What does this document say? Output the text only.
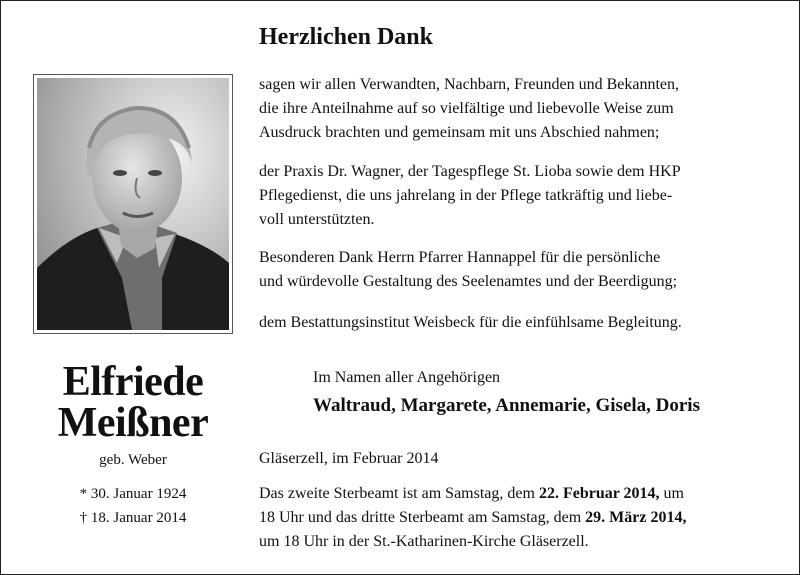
Elfriede
Meißner
geb. Weber
* 30. Januar 1924
† 18. Januar 2014
Herzlichen Dank

sagen wir allen Verwandten, Nachbarn, Freunden und Bekannten,
die ihre Anteilnahme auf so vielfältige und liebevolle Weise zum
Ausdruck brachten und gemeinsam mit uns Abschied nahmen;

der Praxis Dr. Wagner, der Tagespflege St. Lioba sowie dem HKP
Pflegedienst, die uns jahrelang in der Pflege tatkräftig und liebe-
voll unterstützten.

Besonderen Dank Herrn Pfarrer Hannappel für die persönliche
und würdevolle Gestaltung des Seelenamtes und der Beerdigung;

dem Bestattungsinstitut Weisbeck für die einfühlsame Begleitung.

Im Namen aller Angehörigen
Waltraud, Margarete, Annemarie, Gisela, Doris
Gläserzell, im Februar 2014

Das zweite Sterbeamt ist am Samstag, dem 22. Februar 2014, um
18 Uhr und das dritte Sterbeamt am Samstag, dem 29. März 2014,
um 18 Uhr in der St.-Katharinen-Kirche Gläserzell.
